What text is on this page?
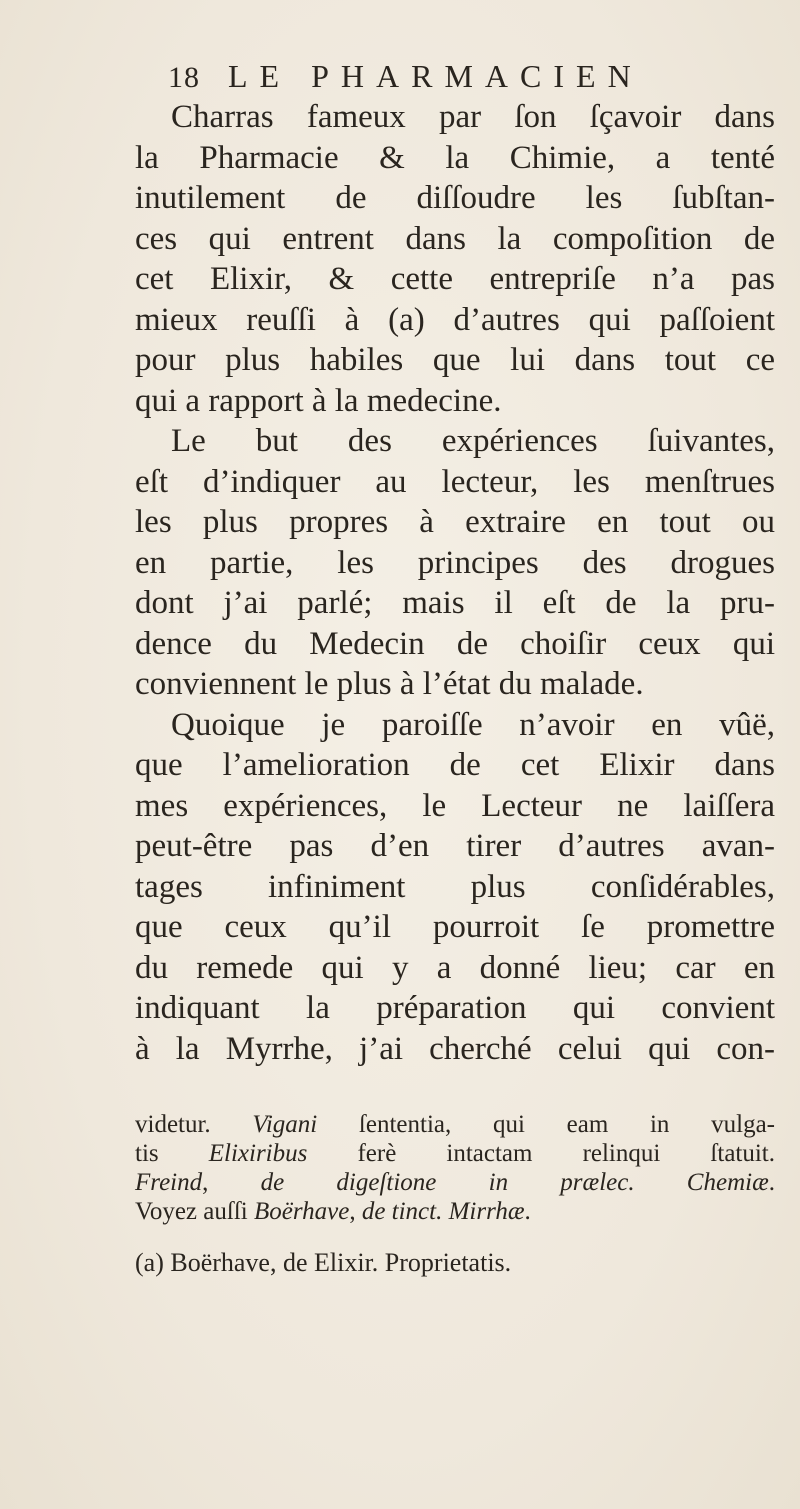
18 LE PHARMACIEN
Charras fameux par ſon ſçavoir dans
la Pharmacie & la Chimie, a tenté
inutilement de diſſoudre les ſubſtan-
ces qui entrent dans la compoſition de
cet Elixir, & cette entrepriſe n’a pas
mieux reuſſi à (a) d’autres qui paſſoient
pour plus habiles que lui dans tout ce
qui a rapport à la medecine.
Le but des expériences ſuivantes,
eſt d’indiquer au lecteur, les menſtrues
les plus propres à extraire en tout ou
en partie, les principes des drogues
dont j’ai parlé; mais il eſt de la pru-
dence du Medecin de choiſir ceux qui
conviennent le plus à l’état du malade.
Quoique je paroiſſe n’avoir en vûë,
que l’amelioration de cet Elixir dans
mes expériences, le Lecteur ne laiſſera
peut-être pas d’en tirer d’autres avan-
tages infiniment plus conſidérables,
que ceux qu’il pourroit ſe promettre
du remede qui y a donné lieu; car en
indiquant la préparation qui convient
à la Myrrhe, j’ai cherché celui qui con-
videtur. Vigani ſententia, qui eam in vulga-
tis Elixiribus ferè intactam relinqui ſtatuit.
Freind, de digeſtione in prælec. Chemiæ.
Voyez auſſi Boërhave, de tinct. Mirrhæ.
(a) Boërhave, de Elixir. Proprietatis.
